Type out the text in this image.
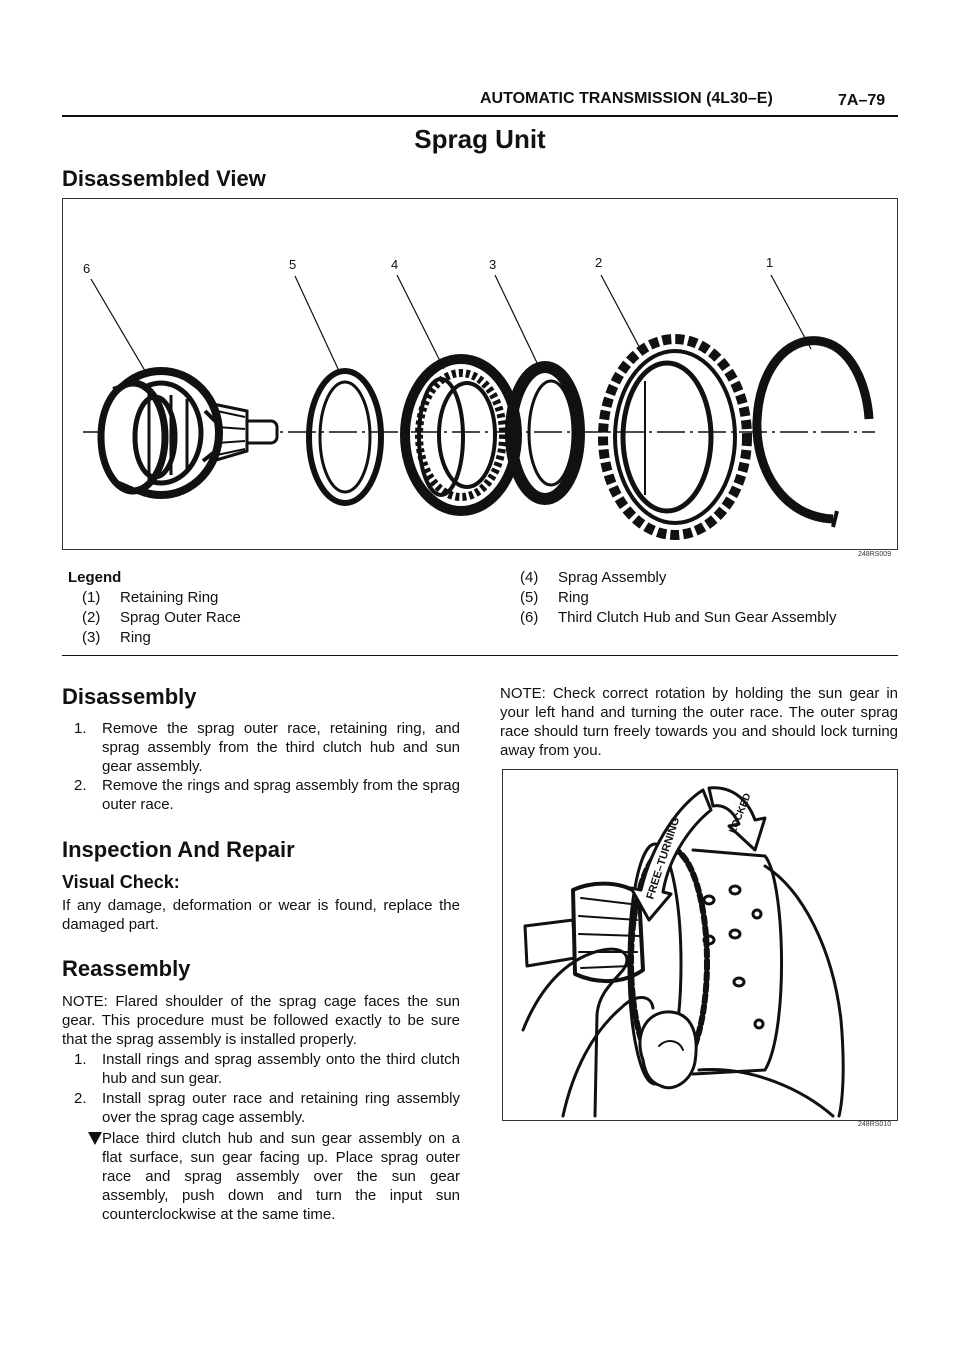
AUTOMATIC TRANSMISSION (4L30–E)	7A–79
Sprag Unit
Disassembled View
6	5	4	3	2	1
248RS009
Legend
(1) Retaining Ring
(2) Sprag Outer Race
(3) Ring
(4) Sprag Assembly
(5) Ring
(6) Third Clutch Hub and Sun Gear Assembly
Disassembly
1. Remove the sprag outer race, retaining ring, and sprag assembly from the third clutch hub and sun gear assembly.
2. Remove the rings and sprag assembly from the sprag outer race.
Inspection And Repair
Visual Check:
If any damage, deformation or wear is found, replace the damaged part.
Reassembly
NOTE: Flared shoulder of the sprag cage faces the sun gear. This procedure must be followed exactly to be sure that the sprag assembly is installed properly.
1. Install rings and sprag assembly onto the third clutch hub and sun gear.
2. Install sprag outer race and retaining ring assembly over the sprag cage assembly.
Place third clutch hub and sun gear assembly on a flat surface, sun gear facing up. Place sprag outer race and sprag assembly over the sun gear assembly, push down and turn the input sun counterclockwise at the same time.
NOTE: Check correct rotation by holding the sun gear in your left hand and turning the outer race. The outer sprag race should turn freely towards you and should lock turning away from you.
FREE–TURNING
LOCKED
248RS010
